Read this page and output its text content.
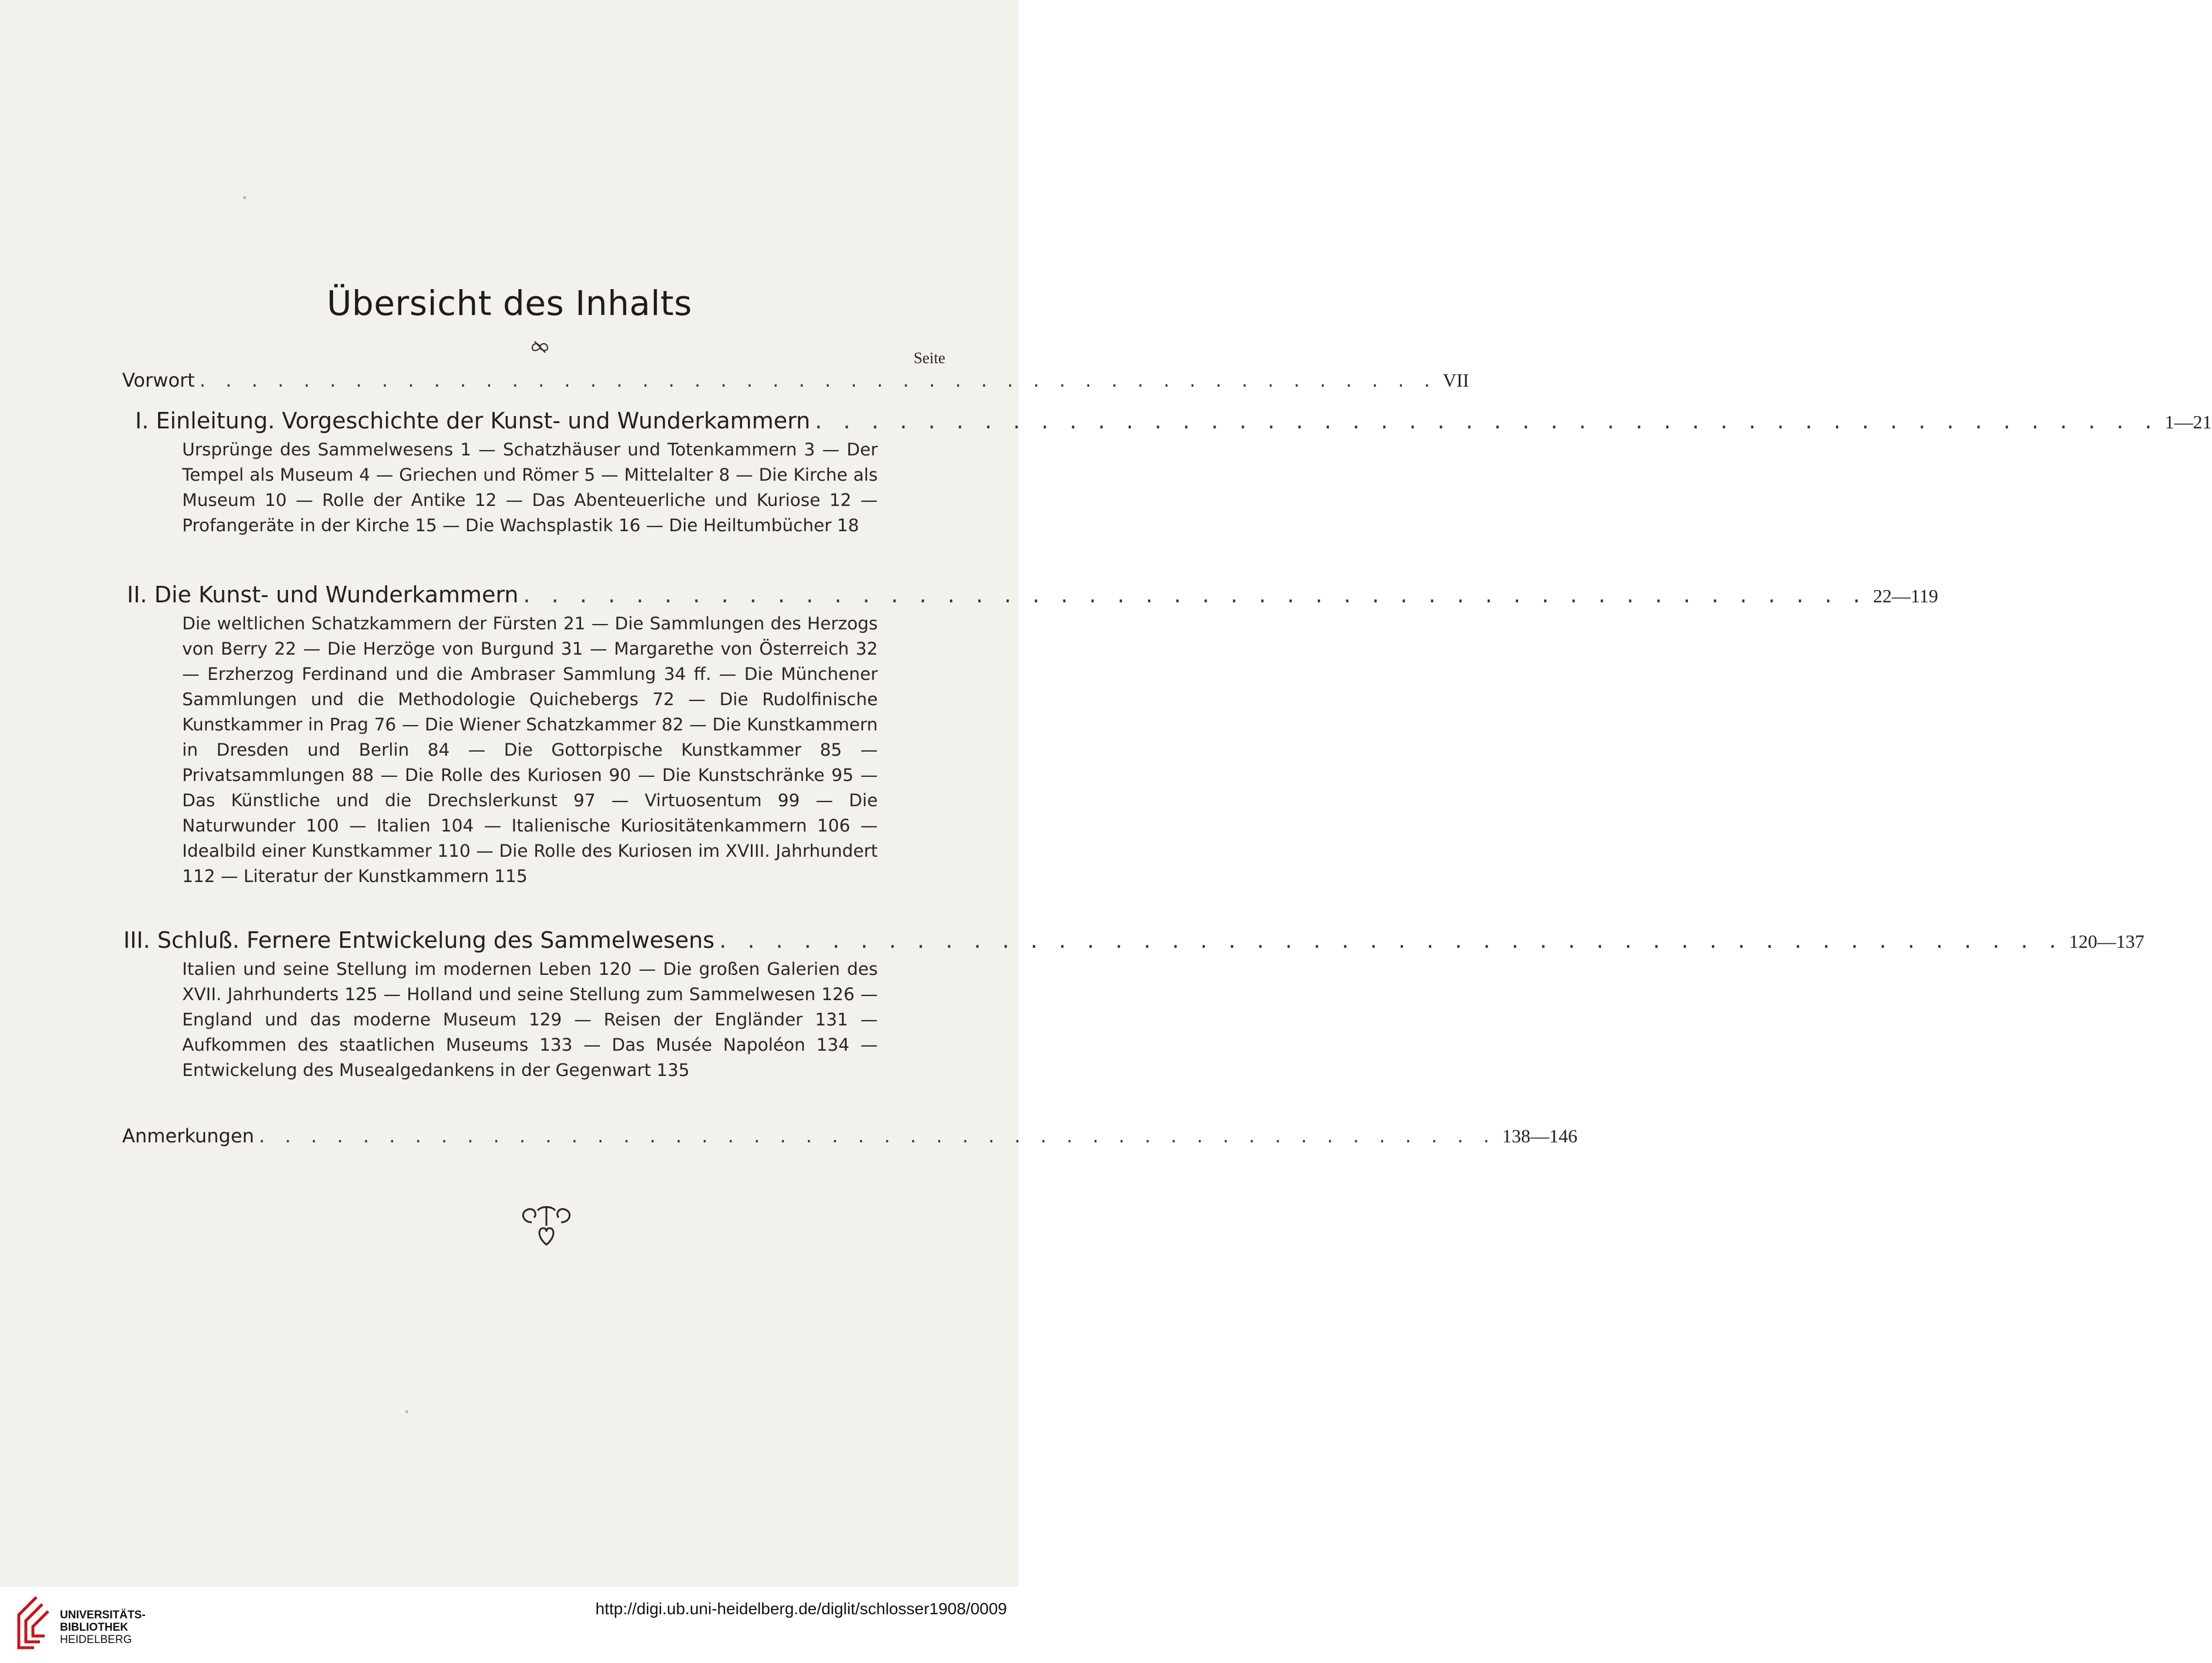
Übersicht des Inhalts
Seite
Vorwort . . . . . . . . . . . . . . . . . . . . . . . . . . . . . . . . . . . . . . . . . . . . . . . . VII
I. Einleitung. Vorgeschichte der Kunst- und Wunderkammern . . . . . . . . . . . . . . . . . . . . . . . . . . . . . . . . . . . . . . . . . . . . . . . . 1—21
Ursprünge des Sammelwesens 1 — Schatzhäuser und Totenkammern 3 — Der Tempel als Museum 4 — Griechen und Römer 5 — Mittelalter 8 — Die Kirche als Museum 10 — Rolle der Antike 12 — Das Abenteuerliche und Kuriose 12 — Profangeräte in der Kirche 15 — Die Wachsplastik 16 — Die Heiltumbücher 18
II. Die Kunst- und Wunderkammern . . . . . . . . . . . . . . . . . . . . . . . . . . . . . . . . . . . . . . . . . . . . . . . . 22—119
Die weltlichen Schatzkammern der Fürsten 21 — Die Sammlungen des Herzogs von Berry 22 — Die Herzöge von Burgund 31 — Margarethe von Österreich 32 — Erzherzog Ferdinand und die Ambraser Sammlung 34 ff. — Die Münchener Sammlungen und die Methodologie Quichebergs 72 — Die Rudolfinische Kunstkammer in Prag 76 — Die Wiener Schatzkammer 82 — Die Kunstkammern in Dresden und Berlin 84 — Die Gottorpische Kunstkammer 85 — Privatsammlungen 88 — Die Rolle des Kuriosen 90 — Die Kunstschränke 95 — Das Künstliche und die Drechslerkunst 97 — Virtuosentum 99 — Die Naturwunder 100 — Italien 104 — Italienische Kuriositätenkammern 106 — Idealbild einer Kunstkammer 110 — Die Rolle des Kuriosen im XVIII. Jahrhundert 112 — Literatur der Kunstkammern 115
III. Schluß. Fernere Entwickelung des Sammelwesens . . . . . . . . . . . . . . . . . . . . . . . . . . . . . . . . . . . . . . . . . . . . . . . . 120—137
Italien und seine Stellung im modernen Leben 120 — Die großen Galerien des XVII. Jahrhunderts 125 — Holland und seine Stellung zum Sammelwesen 126 — England und das moderne Museum 129 — Reisen der Engländer 131 — Aufkommen des staatlichen Museums 133 — Das Musée Napoléon 134 — Entwickelung des Musealgedankens in der Gegenwart 135
Anmerkungen . . . . . . . . . . . . . . . . . . . . . . . . . . . . . . . . . . . . . . . . . . . . . . . . 138—146
UNIVERSITÄTS-
BIBLIOTHEK
HEIDELBERG
http://digi.ub.uni-heidelberg.de/diglit/schlosser1908/0009
